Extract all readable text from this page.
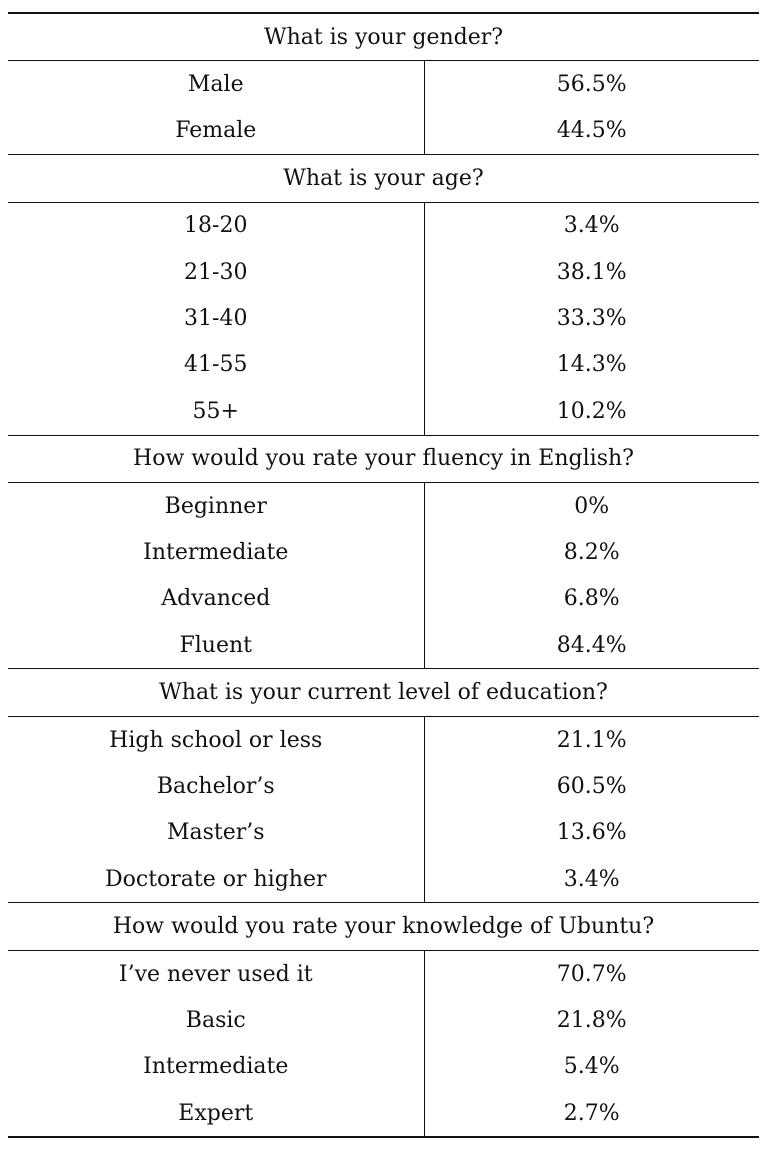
What is your gender?	
Male	56.5%
Female	44.5%
What is your age?	
18-20	3.4%
21-30	38.1%
31-40	33.3%
41-55	14.3%
55+	10.2%
How would you rate your fluency in English?	
Beginner	0%
Intermediate	8.2%
Advanced	6.8%
Fluent	84.4%
What is your current level of education?	
High school or less	21.1%
Bachelor’s	60.5%
Master’s	13.6%
Doctorate or higher	3.4%
How would you rate your knowledge of Ubuntu?	
I’ve never used it	70.7%
Basic	21.8%
Intermediate	5.4%
Expert	2.7%
